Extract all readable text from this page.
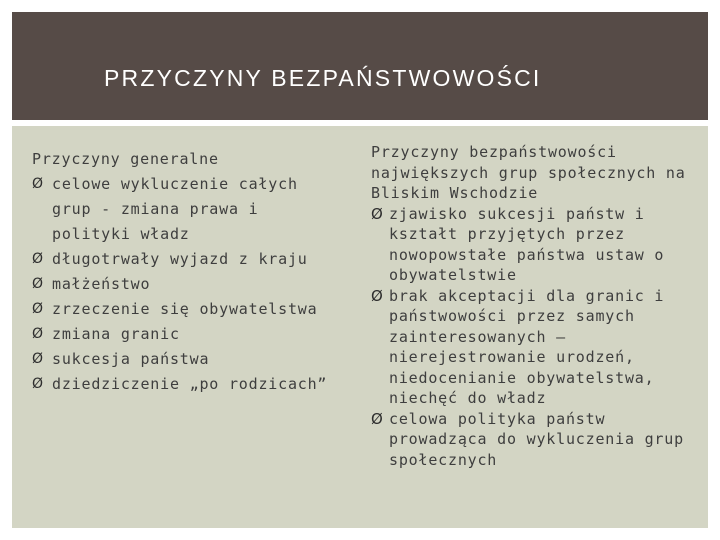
PRZYCZYNY BEZPAŃSTWOWOŚCI
Przyczyny generalne
Ø celowe wykluczenie całych grup - zmiana prawa i polityki władz
Ø długotrwały wyjazd z kraju
Ø małżeństwo
Ø zrzeczenie się obywatelstwa
Ø zmiana granic
Ø sukcesja państwa
Ø dziedziczenie „po rodzicach”
Przyczyny bezpaństwowości największych grup społecznych na Bliskim Wschodzie
Ø zjawisko sukcesji państw i kształt przyjętych przez nowopowstałe państwa ustaw o obywatelstwie
Ø brak akceptacji dla granic i państwowości przez samych zainteresowanych – nierejestrowanie urodzeń, niedocenianie obywatelstwa, niechęć do władz
Ø celowa polityka państw prowadząca do wykluczenia grup społecznych
